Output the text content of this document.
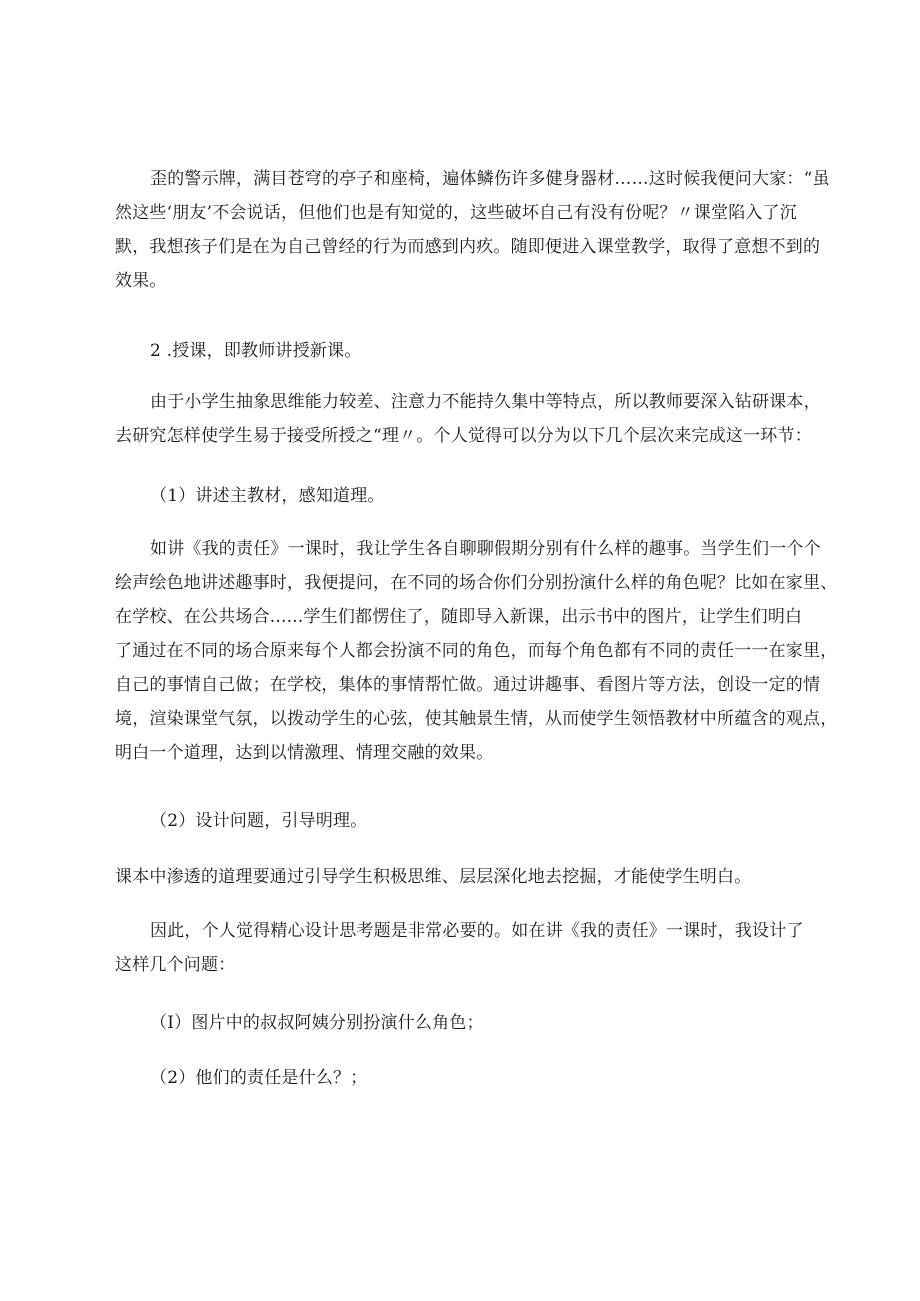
歪的警示牌，满目苍穹的亭子和座椅，遍体鳞伤许多健身器材……这时候我便问大家：“虽
然这些‘朋友’不会说话，但他们也是有知觉的，这些破坏自己有没有份呢？〃课堂陷入了沉
默，我想孩子们是在为自己曾经的行为而感到内疚。随即便进入课堂教学，取得了意想不到的
效果。
2 .授课，即教师讲授新课。
由于小学生抽象思维能力较差、注意力不能持久集中等特点，所以教师要深入钻研课本，
去研究怎样使学生易于接受所授之“理〃。个人觉得可以分为以下几个层次来完成这一环节：
（1）讲述主教材，感知道理。
如讲《我的责任》一课时，我让学生各自聊聊假期分别有什么样的趣事。当学生们一个个
绘声绘色地讲述趣事时，我便提问，在不同的场合你们分别扮演什么样的角色呢？比如在家里、
在学校、在公共场合......学生们都愣住了，随即导入新课，出示书中的图片，让学生们明白
了通过在不同的场合原来每个人都会扮演不同的角色，而每个角色都有不同的责任一一在家里，
自己的事情自己做；在学校，集体的事情帮忙做。通过讲趣事、看图片等方法，创设一定的情
境，渲染课堂气氛，以拨动学生的心弦，使其触景生情，从而使学生领悟教材中所蕴含的观点，
明白一个道理，达到以情激理、情理交融的效果。
（2）设计问题，引导明理。
课本中渗透的道理要通过引导学生积极思维、层层深化地去挖掘，才能使学生明白。
因此，个人觉得精心设计思考题是非常必要的。如在讲《我的责任》一课时，我设计了
这样几个问题：
（I）图片中的叔叔阿姨分别扮演什么角色；
（2）他们的责任是什么？；
